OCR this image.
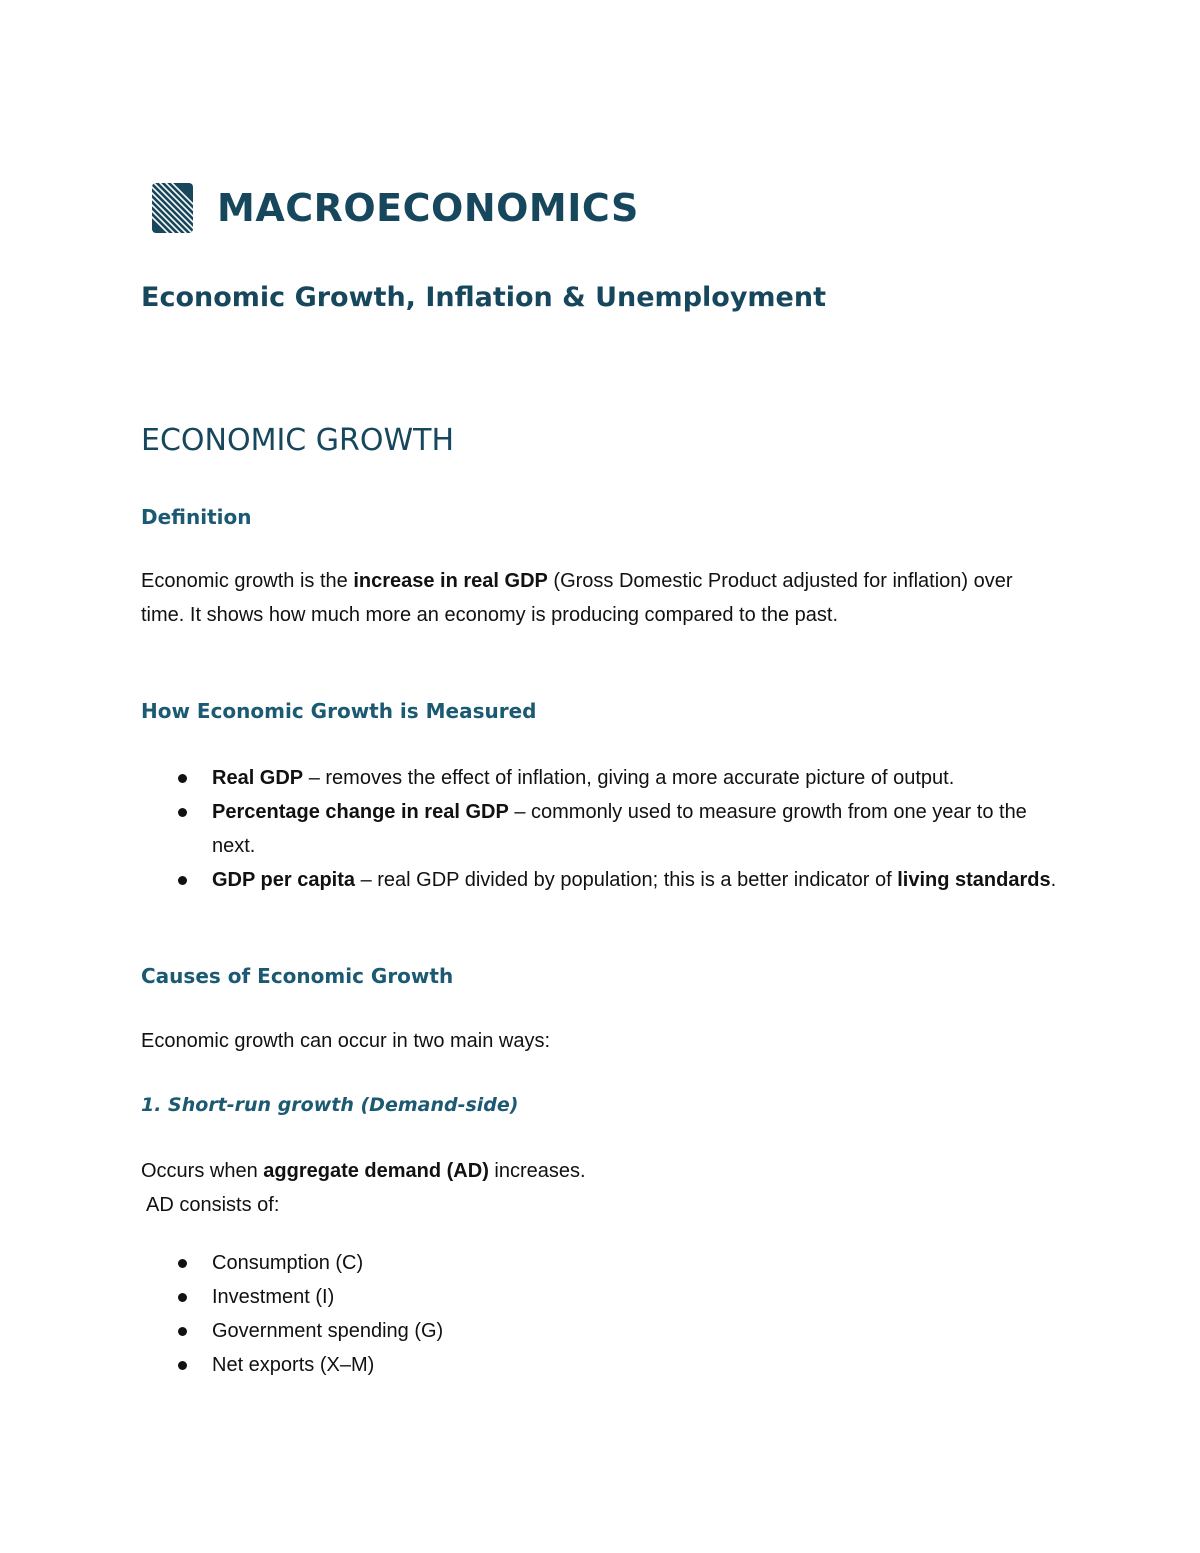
MACROECONOMICS
Economic Growth, Inflation & Unemployment
ECONOMIC GROWTH
Definition
Economic growth is the increase in real GDP (Gross Domestic Product adjusted for inflation) over time. It shows how much more an economy is producing compared to the past.
How Economic Growth is Measured
Real GDP – removes the effect of inflation, giving a more accurate picture of output.
Percentage change in real GDP – commonly used to measure growth from one year to the next.
GDP per capita – real GDP divided by population; this is a better indicator of living standards.
Causes of Economic Growth
Economic growth can occur in two main ways:
1. Short-run growth (Demand-side)
Occurs when aggregate demand (AD) increases.
AD consists of:
Consumption (C)
Investment (I)
Government spending (G)
Net exports (X–M)
